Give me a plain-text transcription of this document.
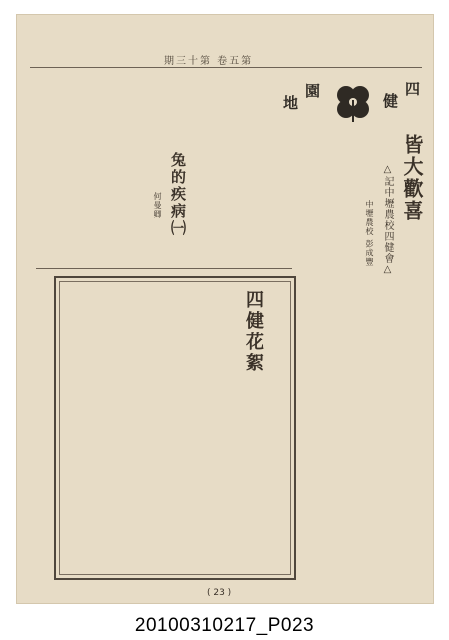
期三十第 卷五第
地
園
健
四
皆大歡喜
△記中壢農校四健會△
中壢農校 彭成豐
兔的疾病㈠
何曼卿
四健花絮
( 23 )
20100310217_P023
